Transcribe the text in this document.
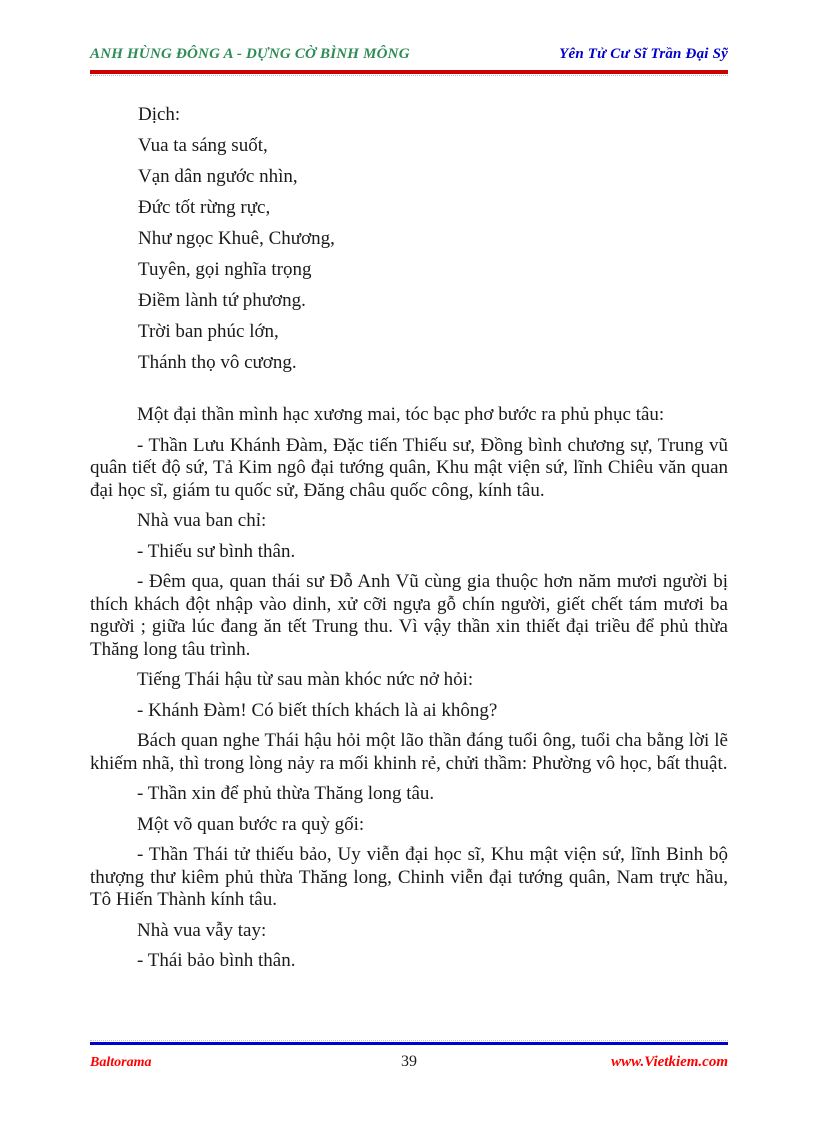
ANH HÙNG ĐÔNG A - DỰNG CỜ BÌNH MÔNG	Yên Tử Cư Sĩ Trần Đại Sỹ

Dịch:

Vua ta sáng suốt,

Vạn dân ngước nhìn,

Đức tốt rừng rực,

Như ngọc Khuê, Chương,

Tuyên, gọi nghĩa trọng

Điềm lành tứ phương.

Trời ban phúc lớn,

Thánh thọ vô cương.

Một đại thần mình hạc xương mai, tóc bạc phơ bước ra phủ phục tâu:

- Thần Lưu Khánh Đàm, Đặc tiến Thiếu sư, Đồng bình chương sự, Trung vũ quân tiết độ sứ, Tả Kim ngô đại tướng quân, Khu mật viện sứ, lĩnh Chiêu văn quan đại học sĩ, giám tu quốc sử, Đăng châu quốc công, kính tâu.

Nhà vua ban chỉ:

- Thiếu sư bình thân.

- Đêm qua, quan thái sư Đỗ Anh Vũ cùng gia thuộc hơn năm mươi người bị thích khách đột nhập vào dinh, xử cỡi ngựa gỗ chín người, giết chết tám mươi ba người ; giữa lúc đang ăn tết Trung thu. Vì vậy thần xin thiết đại triều để phủ thừa Thăng long tâu trình.

Tiếng Thái hậu từ sau màn khóc nức nở hỏi:

- Khánh Đàm! Có biết thích khách là ai không?

Bách quan nghe Thái hậu hỏi một lão thần đáng tuổi ông, tuổi cha bằng lời lẽ khiếm nhã, thì trong lòng nảy ra mối khinh rẻ, chửi thầm: Phường vô học, bất thuật.

- Thần xin để phủ thừa Thăng long tâu.

Một võ quan bước ra quỳ gối:

- Thần Thái tử thiếu bảo, Uy viễn đại học sĩ, Khu mật viện sứ, lĩnh Binh bộ thượng thư kiêm phủ thừa Thăng long, Chinh viễn đại tướng quân, Nam trực hầu, Tô Hiến Thành kính tâu.

Nhà vua vẫy tay:

- Thái bảo bình thân.

Baltorama	39	www.Vietkiem.com
